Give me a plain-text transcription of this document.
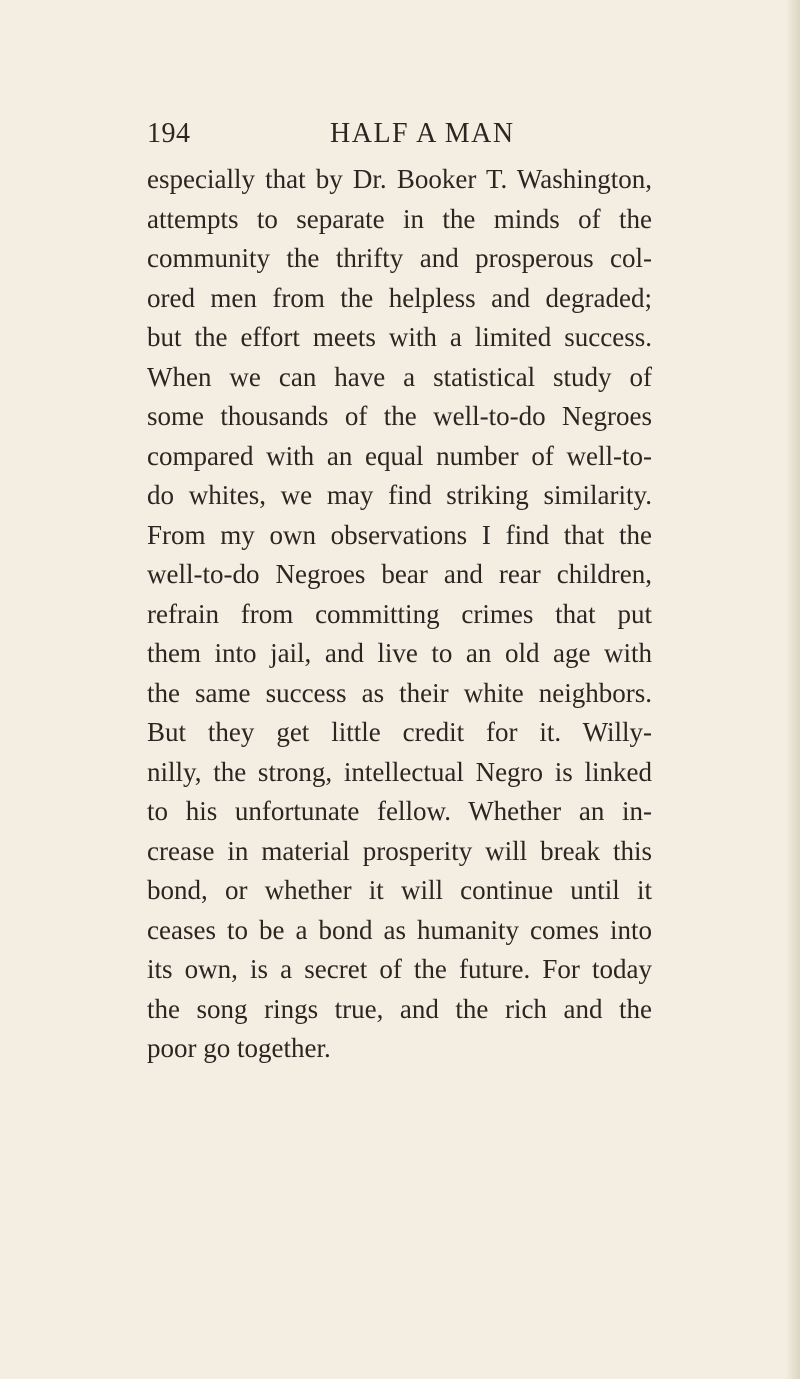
194	HALF A MAN
especially that by Dr. Booker T. Washington,
attempts to separate in the minds of the
community the thrifty and prosperous col-
ored men from the helpless and degraded;
but the effort meets with a limited success.
When we can have a statistical study of
some thousands of the well-to-do Negroes
compared with an equal number of well-to-
do whites, we may find striking similarity.
From my own observations I find that the
well-to-do Negroes bear and rear children,
refrain from committing crimes that put
them into jail, and live to an old age with
the same success as their white neighbors.
But they get little credit for it. Willy-
nilly, the strong, intellectual Negro is linked
to his unfortunate fellow. Whether an in-
crease in material prosperity will break this
bond, or whether it will continue until it
ceases to be a bond as humanity comes into
its own, is a secret of the future. For today
the song rings true, and the rich and the
poor go together.
